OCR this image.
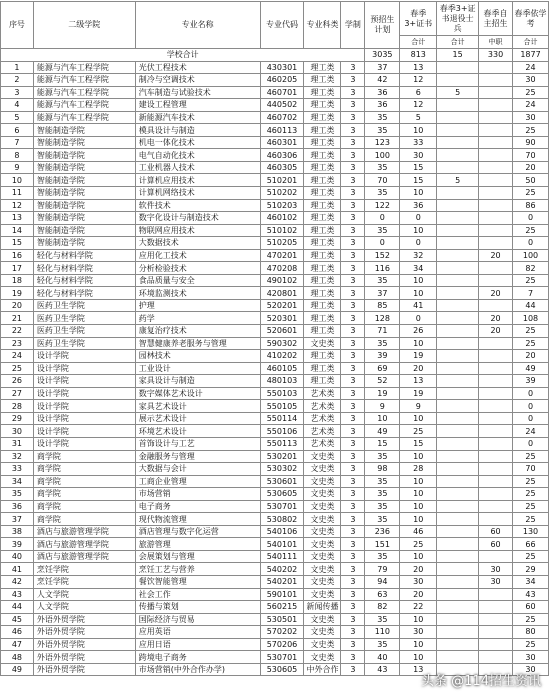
序号	二级学院	专业名称	专业代码	专业科类	学制	预招生计划	春季3+证书	春季3+证书退役士兵	春季自主招生	春季依学考
							合计	合计	中职	合计
学校合计						3035	813	15	330	1877
1	能源与汽车工程学院	光伏工程技术	430301	理工类	3	37	13			24
2	能源与汽车工程学院	制冷与空调技术	460205	理工类	3	42	12			30
3	能源与汽车工程学院	汽车制造与试验技术	460701	理工类	3	36	6	5		25
4	能源与汽车工程学院	建设工程管理	440502	理工类	3	36	12			24
5	能源与汽车工程学院	新能源汽车技术	460702	理工类	3	35	5			30
6	智能制造学院	模具设计与制造	460113	理工类	3	35	10			25
7	智能制造学院	机电一体化技术	460301	理工类	3	123	33			90
8	智能制造学院	电气自动化技术	460306	理工类	3	100	30			70
9	智能制造学院	工业机器人技术	460305	理工类	3	35	15			20
10	智能制造学院	计算机应用技术	510201	理工类	3	70	15	5		50
11	智能制造学院	计算机网络技术	510202	理工类	3	35	10			25
12	智能制造学院	软件技术	510203	理工类	3	122	36			86
13	智能制造学院	数字化设计与制造技术	460102	理工类	3	0	0			0
14	智能制造学院	物联网应用技术	510102	理工类	3	35	10			25
15	智能制造学院	大数据技术	510205	理工类	3	0	0			0
16	轻化与材料学院	应用化工技术	470201	理工类	3	152	32		20	100
17	轻化与材料学院	分析检验技术	470208	理工类	3	116	34			82
18	轻化与材料学院	食品质量与安全	490102	理工类	3	35	10			25
19	轻化与材料学院	环境监测技术	420801	理工类	3	37	10		20	7
20	医药卫生学院	护理	520201	理工类	3	85	41			44
21	医药卫生学院	药学	520301	理工类	3	128	0		20	108
22	医药卫生学院	康复治疗技术	520601	理工类	3	71	26		20	25
23	医药卫生学院	智慧健康养老服务与管理	590302	文史类	3	35	10			25
24	设计学院	园林技术	410202	理工类	3	39	19			20
25	设计学院	工业设计	460105	理工类	3	69	20			49
26	设计学院	家具设计与制造	480103	理工类	3	52	13			39
27	设计学院	数字媒体艺术设计	550103	艺术类	3	19	19			0
28	设计学院	家具艺术设计	550105	艺术类	3	9	9			0
29	设计学院	展示艺术设计	550114	艺术类	3	10	10			0
30	设计学院	环境艺术设计	550106	艺术类	3	49	25			24
31	设计学院	首饰设计与工艺	550113	艺术类	3	15	15			0
32	商学院	金融服务与管理	530201	文史类	3	35	10			25
33	商学院	大数据与会计	530302	文史类	3	98	28			70
34	商学院	工商企业管理	530601	文史类	3	35	10			25
35	商学院	市场营销	530605	文史类	3	35	10			25
36	商学院	电子商务	530701	文史类	3	35	10			25
37	商学院	现代物流管理	530802	文史类	3	35	10			25
38	酒店与旅游管理学院	酒店管理与数字化运营	540106	文史类	3	236	46		60	130
39	酒店与旅游管理学院	旅游管理	540101	文史类	3	151	25		60	66
40	酒店与旅游管理学院	会展策划与管理	540111	文史类	3	35	10			25
41	烹饪学院	烹饪工艺与营养	540202	文史类	3	79	20		30	29
42	烹饪学院	餐饮智能管理	540201	文史类	3	94	30		30	34
43	人文学院	社会工作	590101	文史类	3	63	20			43
44	人文学院	传播与策划	560215	新闻传播	3	82	22			60
45	外语外贸学院	国际经济与贸易	530501	文史类	3	35	10			25
46	外语外贸学院	应用英语	570202	文史类	3	110	30			80
47	外语外贸学院	应用日语	570206	文史类	3	35	10			25
48	外语外贸学院	跨境电子商务	530701	文史类	3	40	10			30
49	外语外贸学院	市场营销(中外合作办学)	530605	中外合作	3	43	13			30
头条 @114招生资讯
